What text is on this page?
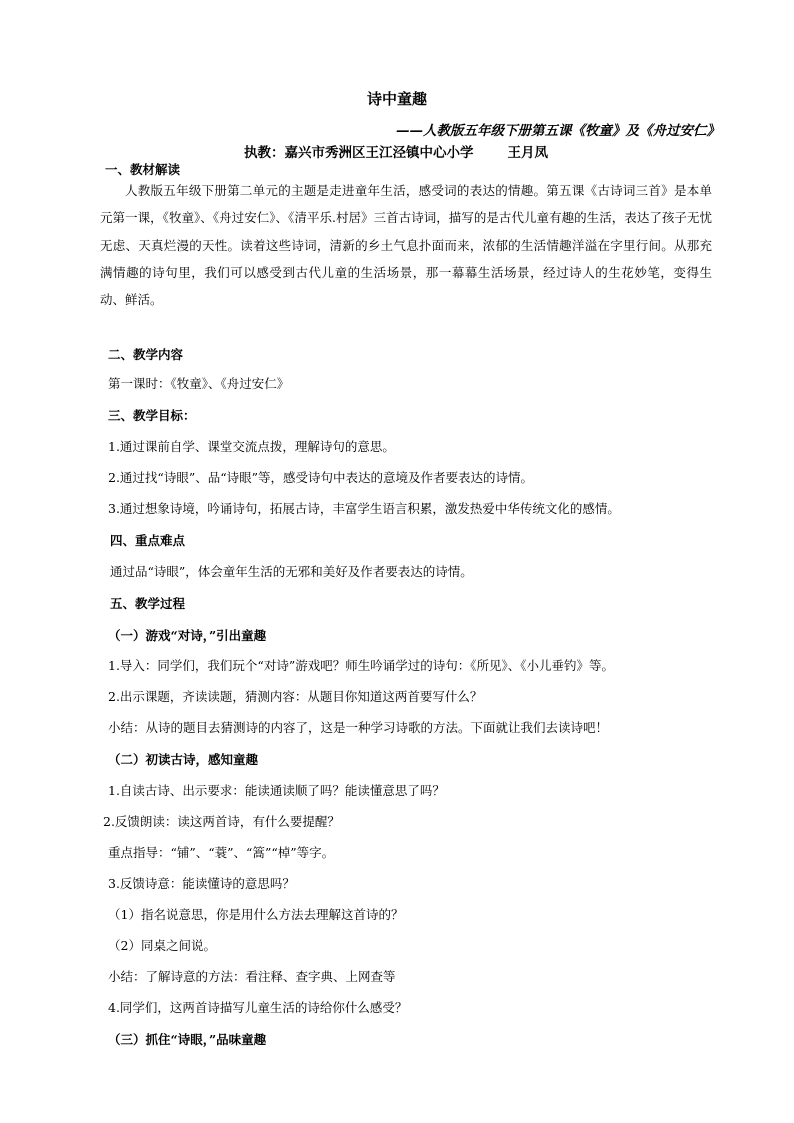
诗中童趣
——人教版五年级下册第五课《牧童》及《舟过安仁》
执教：嘉兴市秀洲区王江泾镇中心小学	王月凤
一、教材解读

人教版五年级下册第二单元的主题是走进童年生活，感受词的表达的情趣。第五课《古诗词三首》是本单元第一课，《牧童》、《舟过安仁》、《清平乐.村居》三首古诗词，描写的是古代儿童有趣的生活，表达了孩子无忧无虑、天真烂漫的天性。读着这些诗词，清新的乡土气息扑面而来，浓郁的生活情趣洋溢在字里行间。从那充满情趣的诗句里，我们可以感受到古代儿童的生活场景，那一幕幕生活场景，经过诗人的生花妙笔，变得生动、鲜活。

二、教学内容
第一课时：《牧童》、《舟过安仁》
三、教学目标：
1.通过课前自学、课堂交流点拨，理解诗句的意思。
2.通过找“诗眼”、品“诗眼”等，感受诗句中表达的意境及作者要表达的诗情。
3.通过想象诗境，吟诵诗句，拓展古诗，丰富学生语言积累，激发热爱中华传统文化的感情。
四、重点难点
通过品“诗眼”，体会童年生活的无邪和美好及作者要表达的诗情。
五、教学过程
（一）游戏“对诗，”引出童趣
1.导入：同学们，我们玩个“对诗”游戏吧？师生吟诵学过的诗句：《所见》、《小儿垂钓》等。
2.出示课题，齐读读题，猜测内容：从题目你知道这两首要写什么？
小结：从诗的题目去猜测诗的内容了，这是一种学习诗歌的方法。下面就让我们去读诗吧！
（二）初读古诗，感知童趣
1.自读古诗、出示要求：能读通读顺了吗？能读懂意思了吗？
2.反馈朗读：读这两首诗，有什么要提醒？
重点指导：“铺”、“蓑”、“篙”“棹”等字。
3.反馈诗意：能读懂诗的意思吗？
（1）指名说意思，你是用什么方法去理解这首诗的？
（2）同桌之间说。
小结：了解诗意的方法：看注释、查字典、上网查等
4.同学们，这两首诗描写儿童生活的诗给你什么感受？
（三）抓住“诗眼，”品味童趣
